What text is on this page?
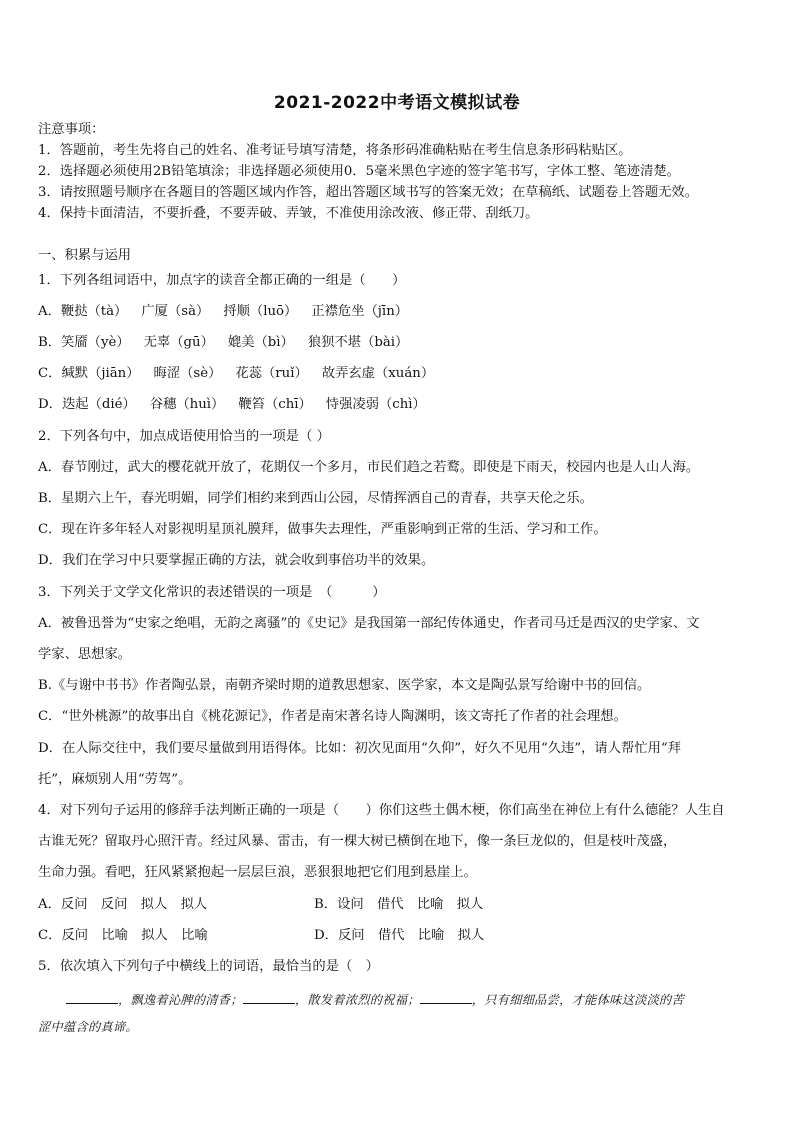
2021-2022中考语文模拟试卷
注意事项：
1．答题前，考生先将自己的姓名、准考证号填写清楚，将条形码准确粘贴在考生信息条形码粘贴区。
2．选择题必须使用2B铅笔填涂；非选择题必须使用0．5毫米黑色字迹的签字笔书写，字体工整、笔迹清楚。
3．请按照题号顺序在各题目的答题区域内作答，超出答题区域书写的答案无效；在草稿纸、试题卷上答题无效。
4．保持卡面清洁，不要折叠，不要弄破、弄皱，不准使用涂改液、修正带、刮纸刀。
一、积累与运用
1．下列各组词语中，加点字的读音全都正确的一组是（　　）
A．鞭挞（tà） 广厦（sà） 捋顺（luō） 正襟危坐（jīn）
B．笑靥（yè） 无辜（gū） 媲美（bì） 狼狈不堪（bài）
C．缄默（jiān） 晦涩（sè） 花蕊（ruǐ） 故弄玄虚（xuán）
D．迭起（dié） 谷穗（huì） 鞭笞（chī） 恃强凌弱（chì）
2．下列各句中，加点成语使用恰当的一项是（ ）
A．春节刚过，武大的樱花就开放了，花期仅一个多月，市民们趋之若鹜。即使是下雨天，校园内也是人山人海。
B．星期六上午，春光明媚，同学们相约来到西山公园，尽情挥洒自己的青春，共享天伦之乐。
C．现在许多年轻人对影视明星顶礼膜拜，做事失去理性，严重影响到正常的生活、学习和工作。
D．我们在学习中只要掌握正确的方法，就会收到事倍功半的效果。
3．下列关于文学文化常识的表述错误的一项是　（　　　）
A．被鲁迅誉为“史家之绝唱，无韵之离骚”的《史记》是我国第一部纪传体通史，作者司马迁是西汉的史学家、文
学家、思想家。
B.《与谢中书书》作者陶弘景，南朝齐梁时期的道教思想家、医学家，本文是陶弘景写给谢中书的回信。
C．“世外桃源”的故事出自《桃花源记》，作者是南宋著名诗人陶渊明，该文寄托了作者的社会理想。
D．在人际交往中，我们要尽量做到用语得体。比如：初次见面用“久仰”，好久不见用“久违”，请人帮忙用“拜
托”，麻烦别人用“劳驾”。
4．对下列句子运用的修辞手法判断正确的一项是（　　）你们这些土偶木梗，你们高坐在神位上有什么德能？人生自
古谁无死？留取丹心照汗青。经过风暴、雷击，有一棵大树已横倒在地下，像一条巨龙似的，但是枝叶茂盛，
生命力强。看吧，狂风紧紧抱起一层层巨浪，恶狠狠地把它们甩到悬崖上。
A．反问　反问　拟人　拟人	B．设问　借代　比喻　拟人
C．反问　比喻　拟人　比喻	D．反问　借代　比喻　拟人
5．依次填入下列句子中横线上的词语，最恰当的是（　）
，飘逸着沁脾的清香；	，散发着浓烈的祝福；	，只有细细品尝，才能体味这淡淡的苦
涩中蕴含的真谛。
